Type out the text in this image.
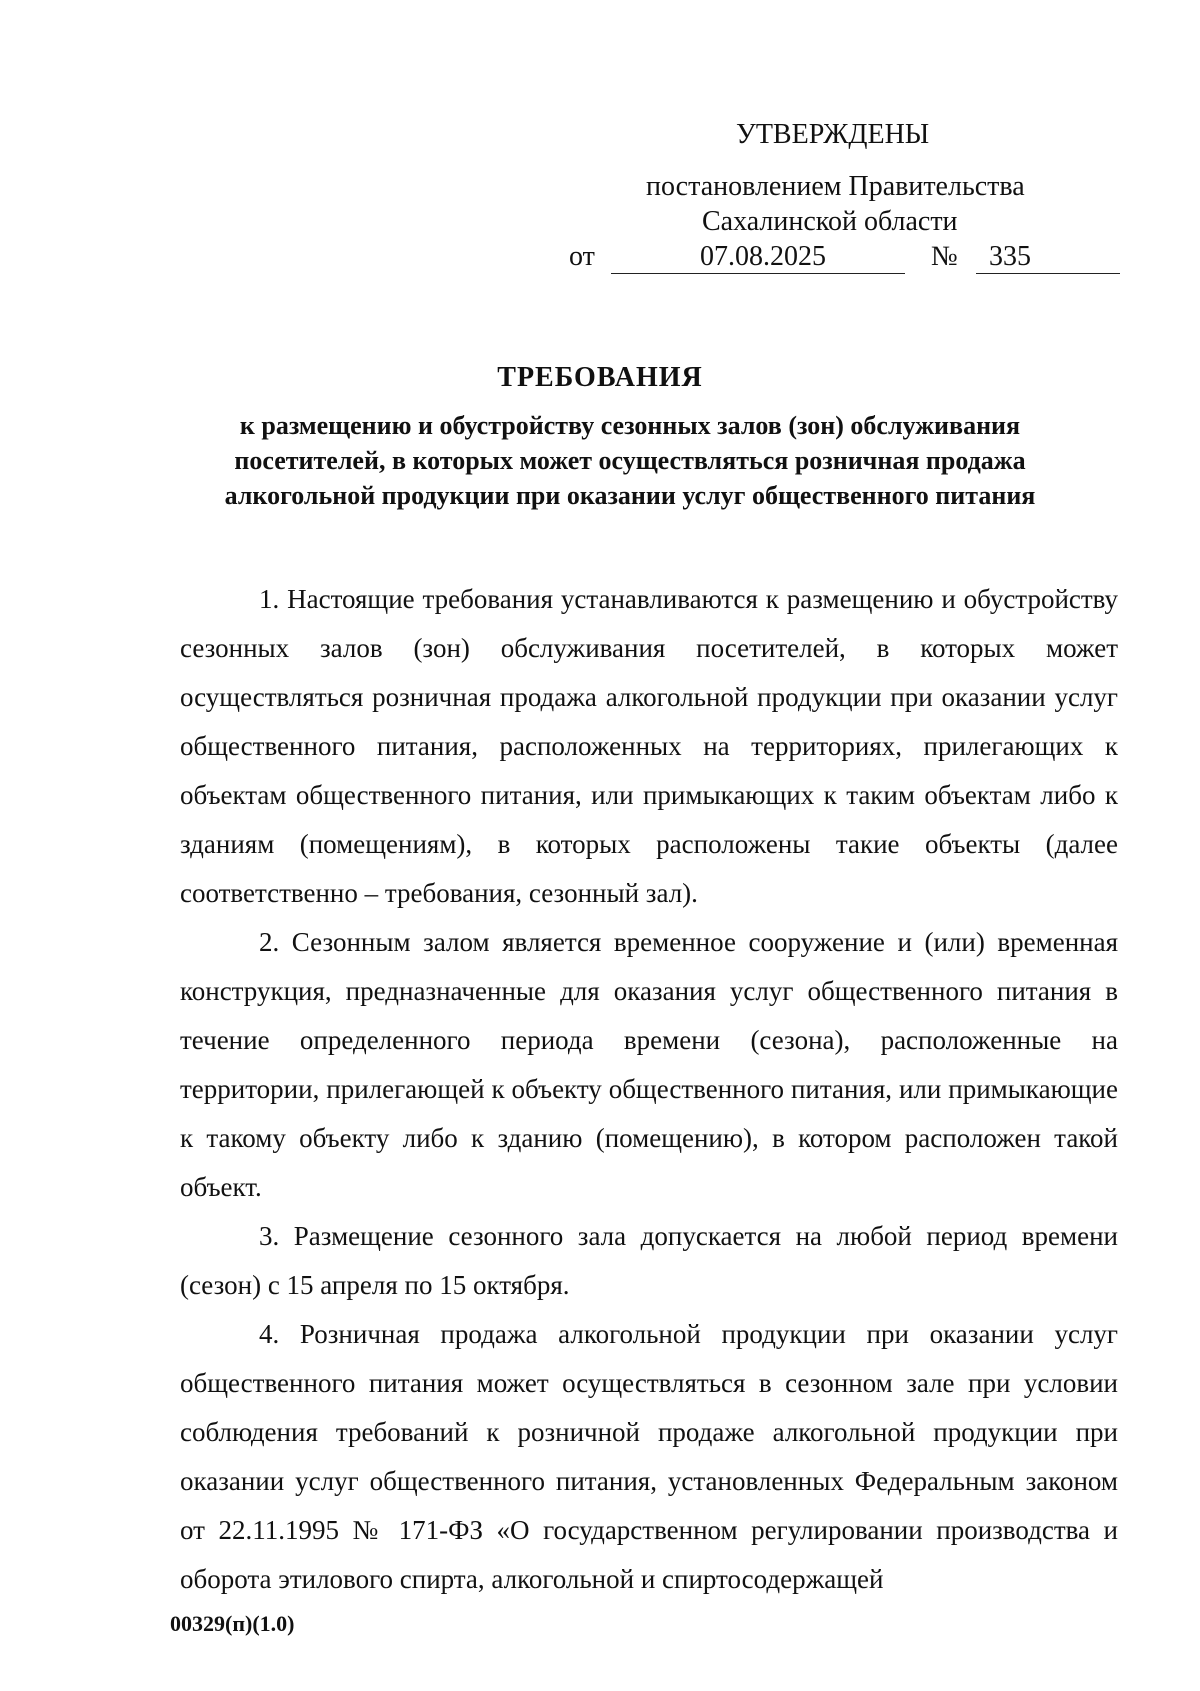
УТВЕРЖДЕНЫ
постановлением Правительства
Сахалинской области
от	07.08.2025	№ 335
ТРЕБОВАНИЯ
к размещению и обустройству сезонных залов (зон) обслуживания
посетителей, в которых может осуществляться розничная продажа
алкогольной продукции при оказании услуг общественного питания

1. Настоящие требования устанавливаются к размещению и обустройству сезонных залов (зон) обслуживания посетителей, в которых может осуществляться розничная продажа алкогольной продукции при оказании услуг общественного питания, расположенных на территориях, прилегающих к объектам общественного питания, или примыкающих к таким объектам либо к зданиям (помещениям), в которых расположены такие объекты (далее соответственно – требования, сезонный зал).

2. Сезонным залом является временное сооружение и (или) временная конструкция, предназначенные для оказания услуг общественного питания в течение определенного периода времени (сезона), расположенные на территории, прилегающей к объекту общественного питания, или примыкающие к такому объекту либо к зданию (помещению), в котором расположен такой объект.

3. Размещение сезонного зала допускается на любой период времени (сезон) с 15 апреля по 15 октября.

4. Розничная продажа алкогольной продукции при оказании услуг общественного питания может осуществляться в сезонном зале при условии соблюдения требований к розничной продаже алкогольной продукции при оказании услуг общественного питания, установленных Федеральным законом от 22.11.1995 № 171-ФЗ «О государственном регулировании производства и оборота этилового спирта, алкогольной и спиртосодержащей

00329(п)(1.0)
